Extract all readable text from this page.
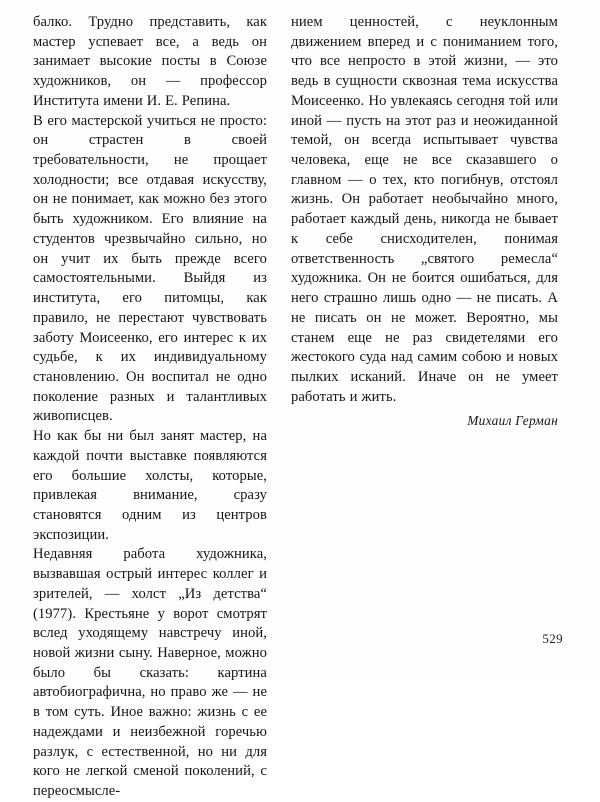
балко. Трудно представить, как мастер успевает все, а ведь он занимает высокие посты в Союзе художников, он — профессор Института имени И. Е. Репина.

В его мастерской учиться не просто: он страстен в своей требовательности, не прощает холодности; все отдавая искусству, он не понимает, как можно без этого быть художником. Его влияние на студентов чрезвычайно сильно, но он учит их быть прежде всего самостоятельными. Выйдя из института, его питомцы, как правило, не перестают чувствовать заботу Моисеенко, его интерес к их судьбе, к их индивидуальному становлению. Он воспитал не одно поколение разных и талантливых живописцев.

Но как бы ни был занят мастер, на каждой почти выставке появляются его большие холсты, которые, привлекая внимание, сразу становятся одним из центров экспозиции.

Недавняя работа художника, вызвавшая острый интерес коллег и зрителей, — холст „Из детства“ (1977). Крестьяне у ворот смотрят вслед уходящему навстречу иной, новой жизни сыну. Наверное, можно было бы сказать: картина автобиографична, но право же — не в том суть. Иное важно: жизнь с ее надеждами и неизбежной горечью разлук, с естественной, но ни для кого не легкой сменой поколений, с переосмысле-

нием ценностей, с неуклонным движением вперед и с пониманием того, что все непросто в этой жизни, — это ведь в сущности сквозная тема искусства Моисеенко. Но увлекаясь сегодня той или иной — пусть на этот раз и неожиданной темой, он всегда испытывает чувства человека, еще не все сказавшего о главном — о тех, кто погибнув, отстоял жизнь. Он работает необычайно много, работает каждый день, никогда не бывает к себе снисходителен, понимая ответственность „святого ремесла“ художника. Он не боится ошибаться, для него страшно лишь одно — не писать. А не писать он не может. Вероятно, мы станем еще не раз свидетелями его жестокого суда над самим собою и новых пылких исканий. Иначе он не умеет работать и жить.

Михаил Герман

529
